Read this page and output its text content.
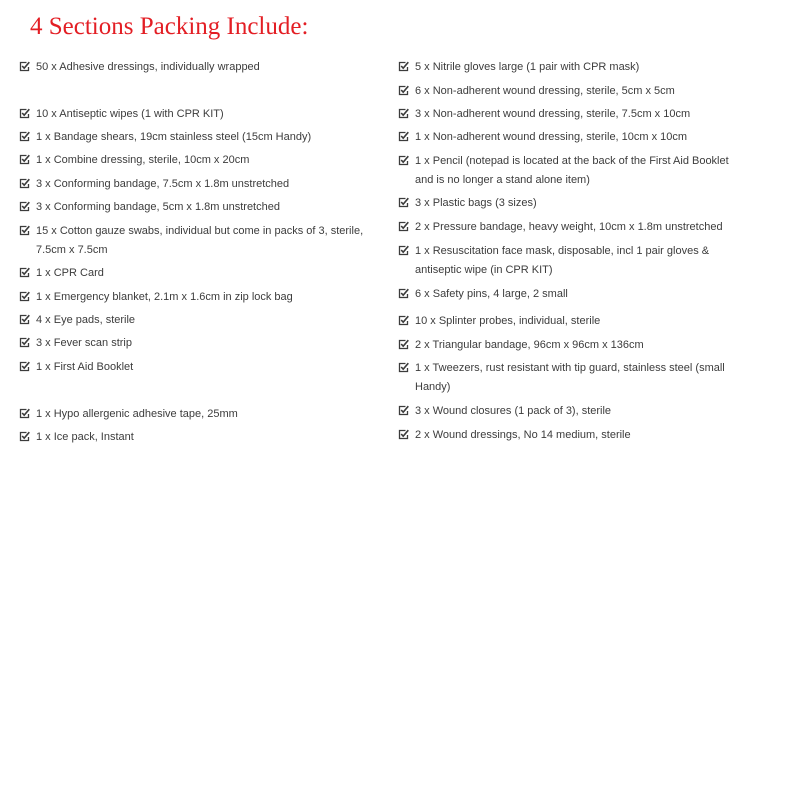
4 Sections Packing Include:
50 x Adhesive dressings, individually wrapped
10 x Antiseptic wipes (1 with CPR KIT)
1 x Bandage shears, 19cm stainless steel (15cm Handy)
1 x Combine dressing, sterile, 10cm x 20cm
3 x Conforming bandage, 7.5cm x 1.8m unstretched
3 x Conforming bandage, 5cm x 1.8m unstretched
15 x Cotton gauze swabs, individual but come in packs of 3, sterile, 7.5cm x 7.5cm
1 x CPR Card
1 x Emergency blanket, 2.1m x 1.6cm in zip lock bag
4 x Eye pads, sterile
3 x Fever scan strip
1 x First Aid Booklet
1 x Hypo allergenic adhesive tape, 25mm
1 x Ice pack, Instant
5 x Nitrile gloves large (1 pair with CPR mask)
6 x Non-adherent wound dressing, sterile, 5cm x 5cm
3 x Non-adherent wound dressing, sterile, 7.5cm x 10cm
1 x Non-adherent wound dressing, sterile, 10cm x 10cm
1 x Pencil (notepad is located at the back of the First Aid Booklet and is no longer a stand alone item)
3 x Plastic bags (3 sizes)
2 x Pressure bandage, heavy weight, 10cm x 1.8m unstretched
1 x Resuscitation face mask, disposable, incl 1 pair gloves & antiseptic wipe (in CPR KIT)
6 x Safety pins, 4 large, 2 small
10 x Splinter probes, individual, sterile
2 x Triangular bandage, 96cm x 96cm x 136cm
1 x Tweezers, rust resistant with tip guard, stainless steel (small Handy)
3 x Wound closures (1 pack of 3), sterile
2 x Wound dressings, No 14 medium, sterile
